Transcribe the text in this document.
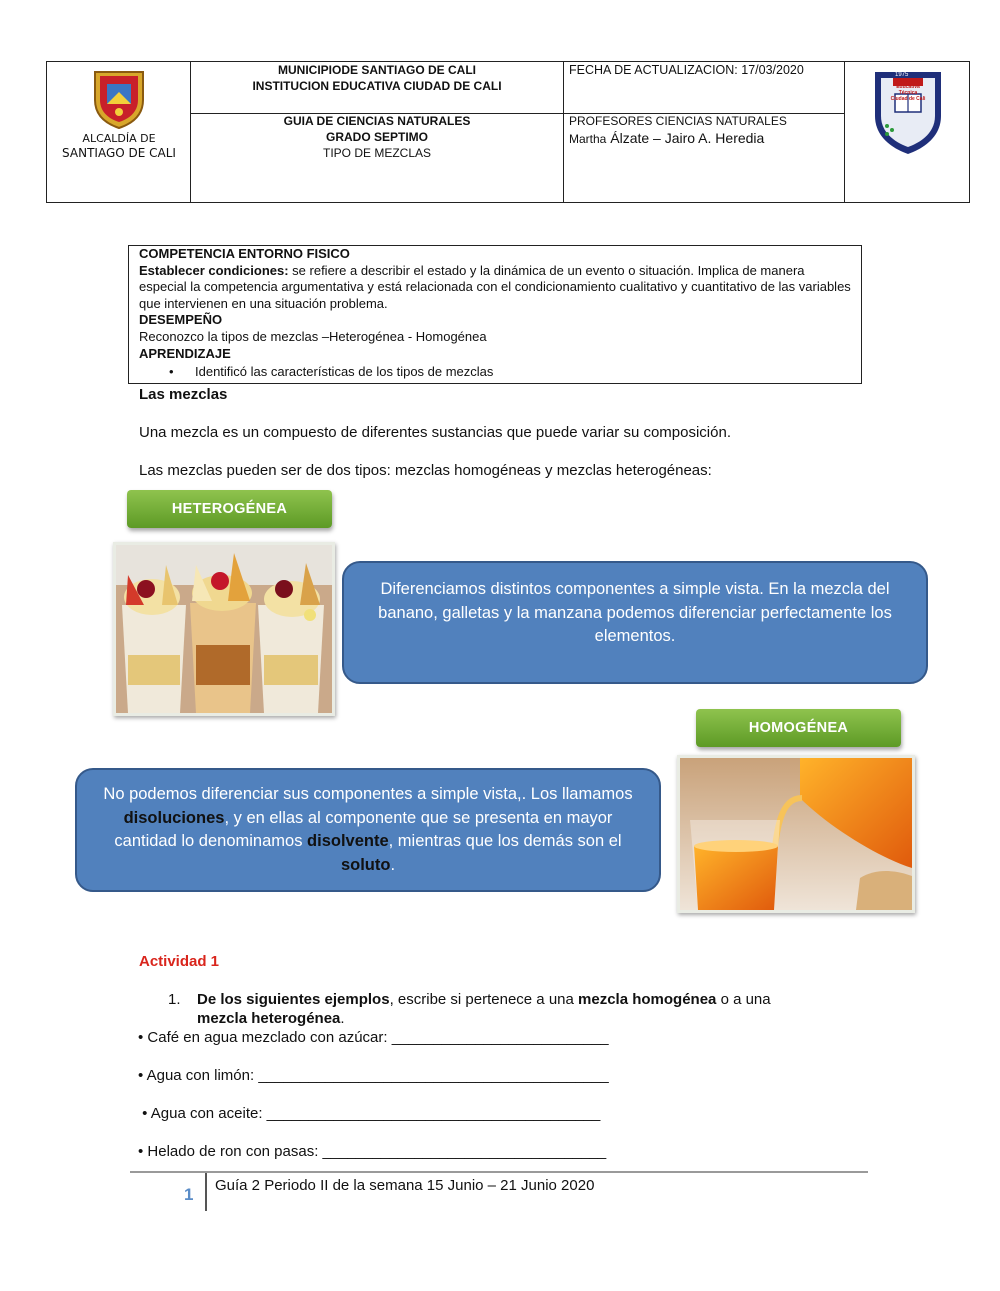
ALCALDÍA DE
SANTIAGO DE CALI
MUNICIPIODE SANTIAGO DE CALI
INSTITUCION EDUCATIVA CIUDAD DE CALI
GUIA DE CIENCIAS NATURALES
GRADO SEPTIMO
TIPO DE MEZCLAS
FECHA DE ACTUALIZACION: 17/03/2020
PROFESORES CIENCIAS NATURALES
Martha Álzate – Jairo A. Heredia
1975
Institución
Educativa
Técnica
Ciudad de Cali

COMPETENCIA ENTORNO FISICO

Establecer condiciones: se refiere a describir el estado y la dinámica de un evento o situación. Implica de manera especial la competencia argumentativa y está relacionada con el condicionamiento cualitativo y cuantitativo de las variables que intervienen en una situación problema.

DESEMPEÑO

Reconozco la tipos de mezclas –Heterogénea - Homogénea

APRENDIZAJE

• Identificó las características de los tipos de mezclas

Las mezclas
Una mezcla es un compuesto de diferentes sustancias que puede variar su composición.
Las mezclas pueden ser de dos tipos: mezclas homogéneas y mezclas heterogéneas:
HETEROGÉNEA
Diferenciamos distintos componentes a simple vista. En la mezcla del banano, galletas y la manzana podemos diferenciar perfectamente los elementos.
HOMOGÉNEA
No podemos diferenciar sus componentes a simple vista,. Los llamamos disoluciones, y en ellas al componente que se presenta en mayor cantidad lo denominamos disolvente, mientras que los demás son el soluto.
Actividad 1
1. De los siguientes ejemplos, escribe si pertenece a una mezcla homogénea o a una
mezcla heterogénea.
• Café en agua mezclado con azúcar: __________________________
• Agua con limón: __________________________________________
• Agua con aceite: ________________________________________
• Helado de ron con pasas: __________________________________
1 Guía 2 Periodo II de la semana 15 Junio – 21 Junio 2020
